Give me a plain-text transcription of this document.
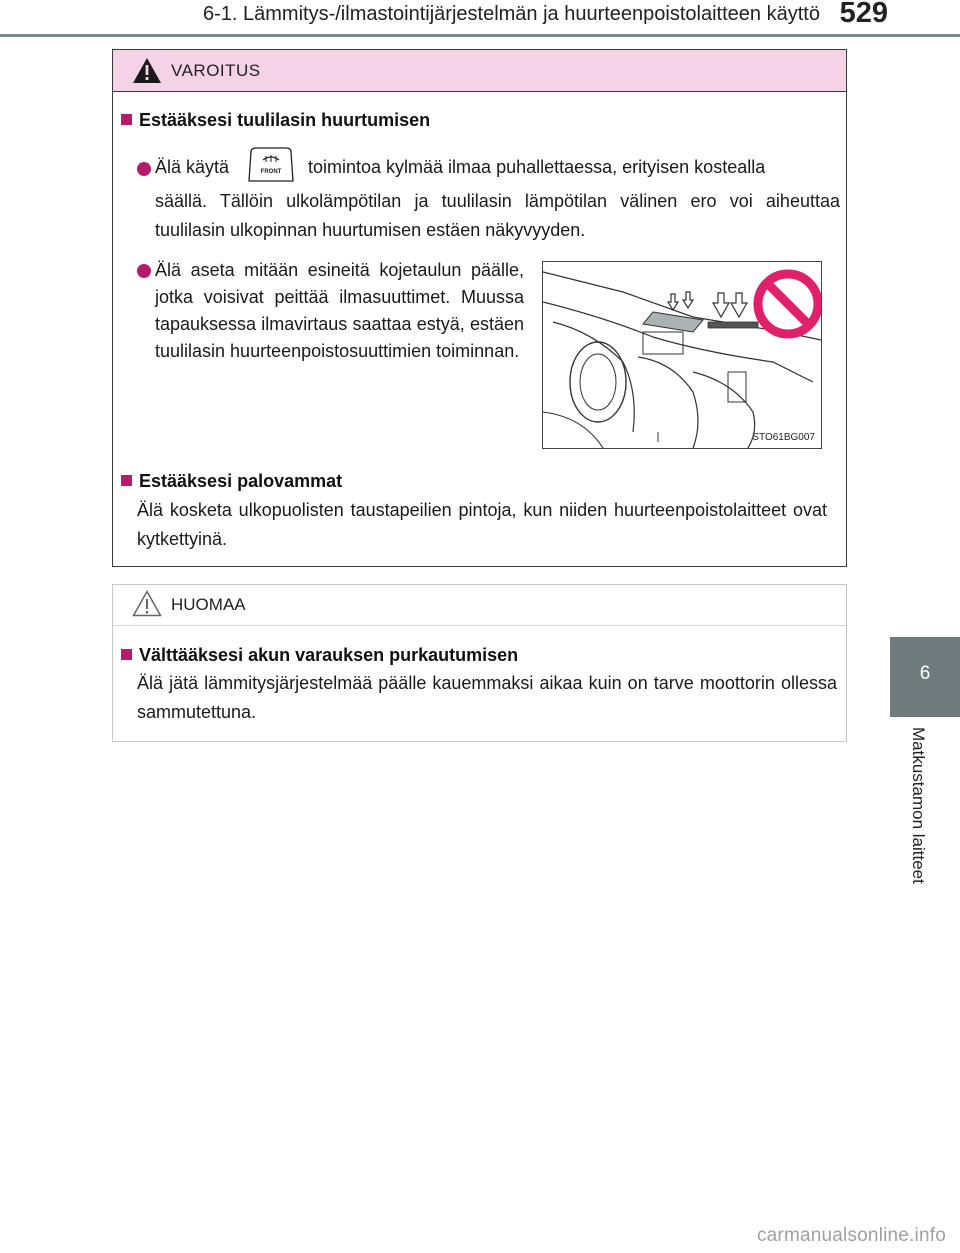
6-1. Lämmitys-/ilmastointijärjestelmän ja huurteenpoistolaitteen käyttö 529
6
Matkustamon laitteet
VAROITUS
Estääksesi tuulilasin huurtumisen
Älä käytä	FRONT toimintoa kylmää ilmaa puhallettaessa, erityisen kostealla
säällä. Tällöin ulkolämpötilan ja tuulilasin lämpötilan välinen ero voi aiheuttaa tuulilasin ulkopinnan huurtumisen estäen näkyvyyden.
Älä aseta mitään esineitä kojetaulun päälle, jotka voisivat peittää ilmasuuttimet. Muussa tapauksessa ilmavirtaus saattaa estyä, estäen tuulilasin huurteenpoistosuuttimien toiminnan.
STO61BG007
Estääksesi palovammat
Älä kosketa ulkopuolisten taustapeilien pintoja, kun niiden huurteenpoistolaitteet ovat kytkettyinä.
HUOMAA
Välttääksesi akun varauksen purkautumisen
Älä jätä lämmitysjärjestelmää päälle kauemmaksi aikaa kuin on tarve moottorin ollessa sammutettuna.
carmanualsonline.info
